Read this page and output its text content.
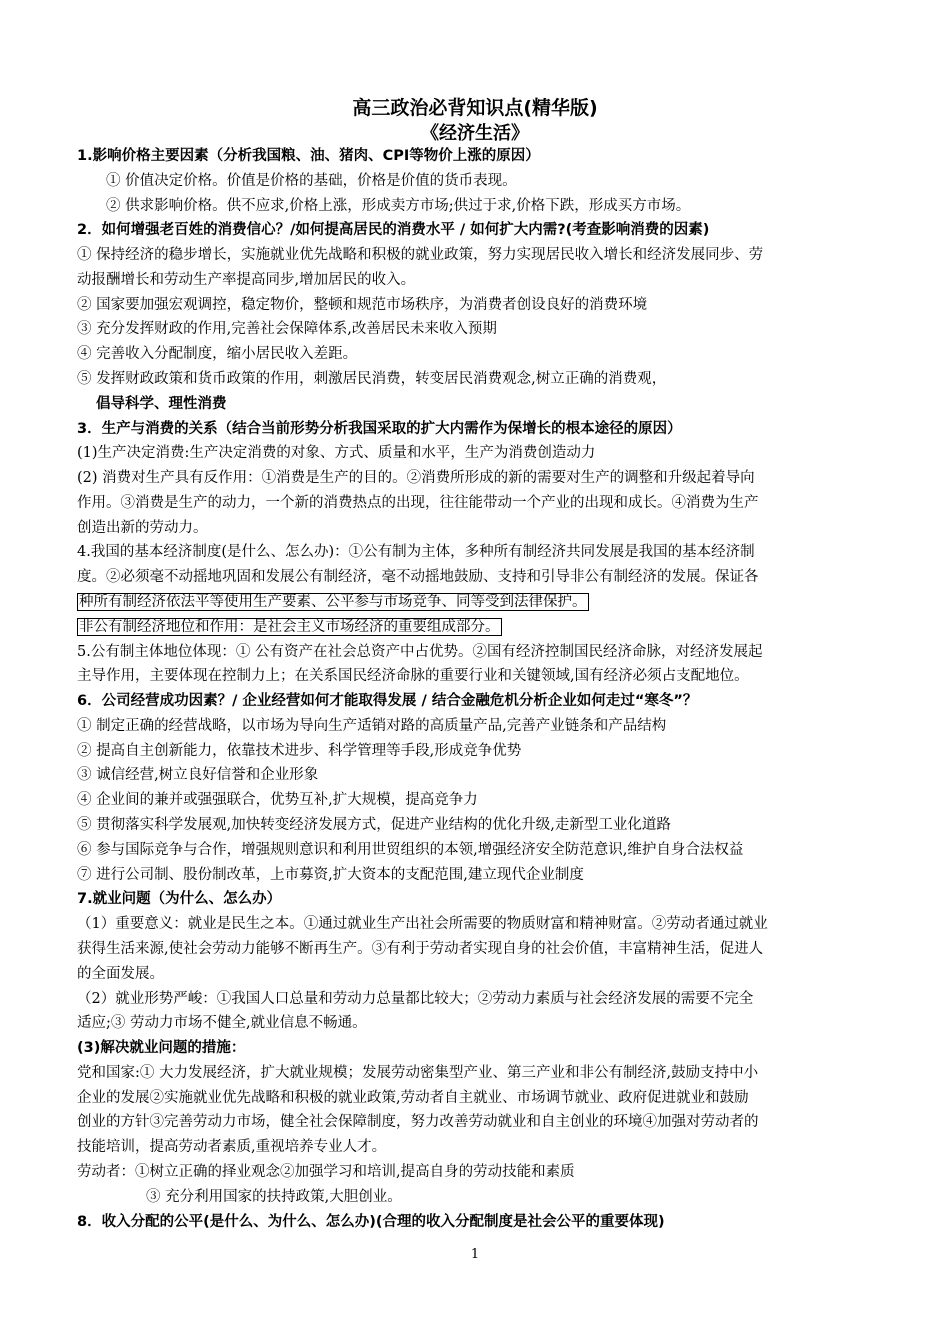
高三政治必背知识点(精华版)
《经济生活》
1.影响价格主要因素（分析我国粮、油、猪肉、CPⅠ等物价上涨的原因）
① 价值决定价格。价值是价格的基础，价格是价值的货币表现。
② 供求影响价格。供不应求,价格上涨，形成卖方市场;供过于求,价格下跌，形成买方市场。
2．如何增强老百姓的消费信心？/如何提高居民的消费水平 / 如何扩大内需?(考查影响消费的因素)
① 保持经济的稳步增长，实施就业优先战略和积极的就业政策，努力实现居民收入增长和经济发展同步、劳
动报酬增长和劳动生产率提高同步,增加居民的收入。
② 国家要加强宏观调控，稳定物价，整顿和规范市场秩序，为消费者创设良好的消费环境
③ 充分发挥财政的作用,完善社会保障体系,改善居民未来收入预期
④ 完善收入分配制度，缩小居民收入差距。
⑤ 发挥财政政策和货币政策的作用，刺激居民消费，转变居民消费观念,树立正确的消费观，
倡导科学、理性消费
3．生产与消费的关系（结合当前形势分析我国采取的扩大内需作为保增长的根本途径的原因）
(1)生产决定消费:生产决定消费的对象、方式、质量和水平，生产为消费创造动力
(2) 消费对生产具有反作用：①消费是生产的目的。②消费所形成的新的需要对生产的调整和升级起着导向
作用。③消费是生产的动力，一个新的消费热点的出现，往往能带动一个产业的出现和成长。④消费为生产
创造出新的劳动力。
4.我国的基本经济制度(是什么、怎么办)：①公有制为主体，多种所有制经济共同发展是我国的基本经济制
度。②必须毫不动摇地巩固和发展公有制经济，毫不动摇地鼓励、支持和引导非公有制经济的发展。保证各
种所有制经济依法平等使用生产要素、公平参与市场竞争、同等受到法律保护。
非公有制经济地位和作用：是社会主义市场经济的重要组成部分。
5.公有制主体地位体现：① 公有资产在社会总资产中占优势。②国有经济控制国民经济命脉，对经济发展起
主导作用，主要体现在控制力上；在关系国民经济命脉的重要行业和关键领域,国有经济必须占支配地位。
6．公司经营成功因素？/ 企业经营如何才能取得发展 / 结合金融危机分析企业如何走过“寒冬”？
① 制定正确的经营战略，以市场为导向生产适销对路的高质量产品,完善产业链条和产品结构
② 提高自主创新能力，依靠技术进步、科学管理等手段,形成竞争优势
③ 诚信经营,树立良好信誉和企业形象
④ 企业间的兼并或强强联合，优势互补,扩大规模，提高竞争力
⑤ 贯彻落实科学发展观,加快转变经济发展方式，促进产业结构的优化升级,走新型工业化道路
⑥ 参与国际竞争与合作，增强规则意识和利用世贸组织的本领,增强经济安全防范意识,维护自身合法权益
⑦ 进行公司制、股份制改革，上市募资,扩大资本的支配范围,建立现代企业制度
7.就业问题（为什么、怎么办）
（1）重要意义：就业是民生之本。①通过就业生产出社会所需要的物质财富和精神财富。②劳动者通过就业
获得生活来源,使社会劳动力能够不断再生产。③有利于劳动者实现自身的社会价值，丰富精神生活，促进人
的全面发展。
（2）就业形势严峻：①我国人口总量和劳动力总量都比较大；②劳动力素质与社会经济发展的需要不完全
适应;③ 劳动力市场不健全,就业信息不畅通。
(3)解决就业问题的措施：
党和国家:① 大力发展经济，扩大就业规模；发展劳动密集型产业、第三产业和非公有制经济,鼓励支持中小
企业的发展②实施就业优先战略和积极的就业政策,劳动者自主就业、市场调节就业、政府促进就业和鼓励
创业的方针③完善劳动力市场，健全社会保障制度，努力改善劳动就业和自主创业的环境④加强对劳动者的
技能培训，提高劳动者素质,重视培养专业人才。
劳动者：①树立正确的择业观念②加强学习和培训,提高自身的劳动技能和素质
③ 充分利用国家的扶持政策,大胆创业。
8．收入分配的公平(是什么、为什么、怎么办)(合理的收入分配制度是社会公平的重要体现)
1
